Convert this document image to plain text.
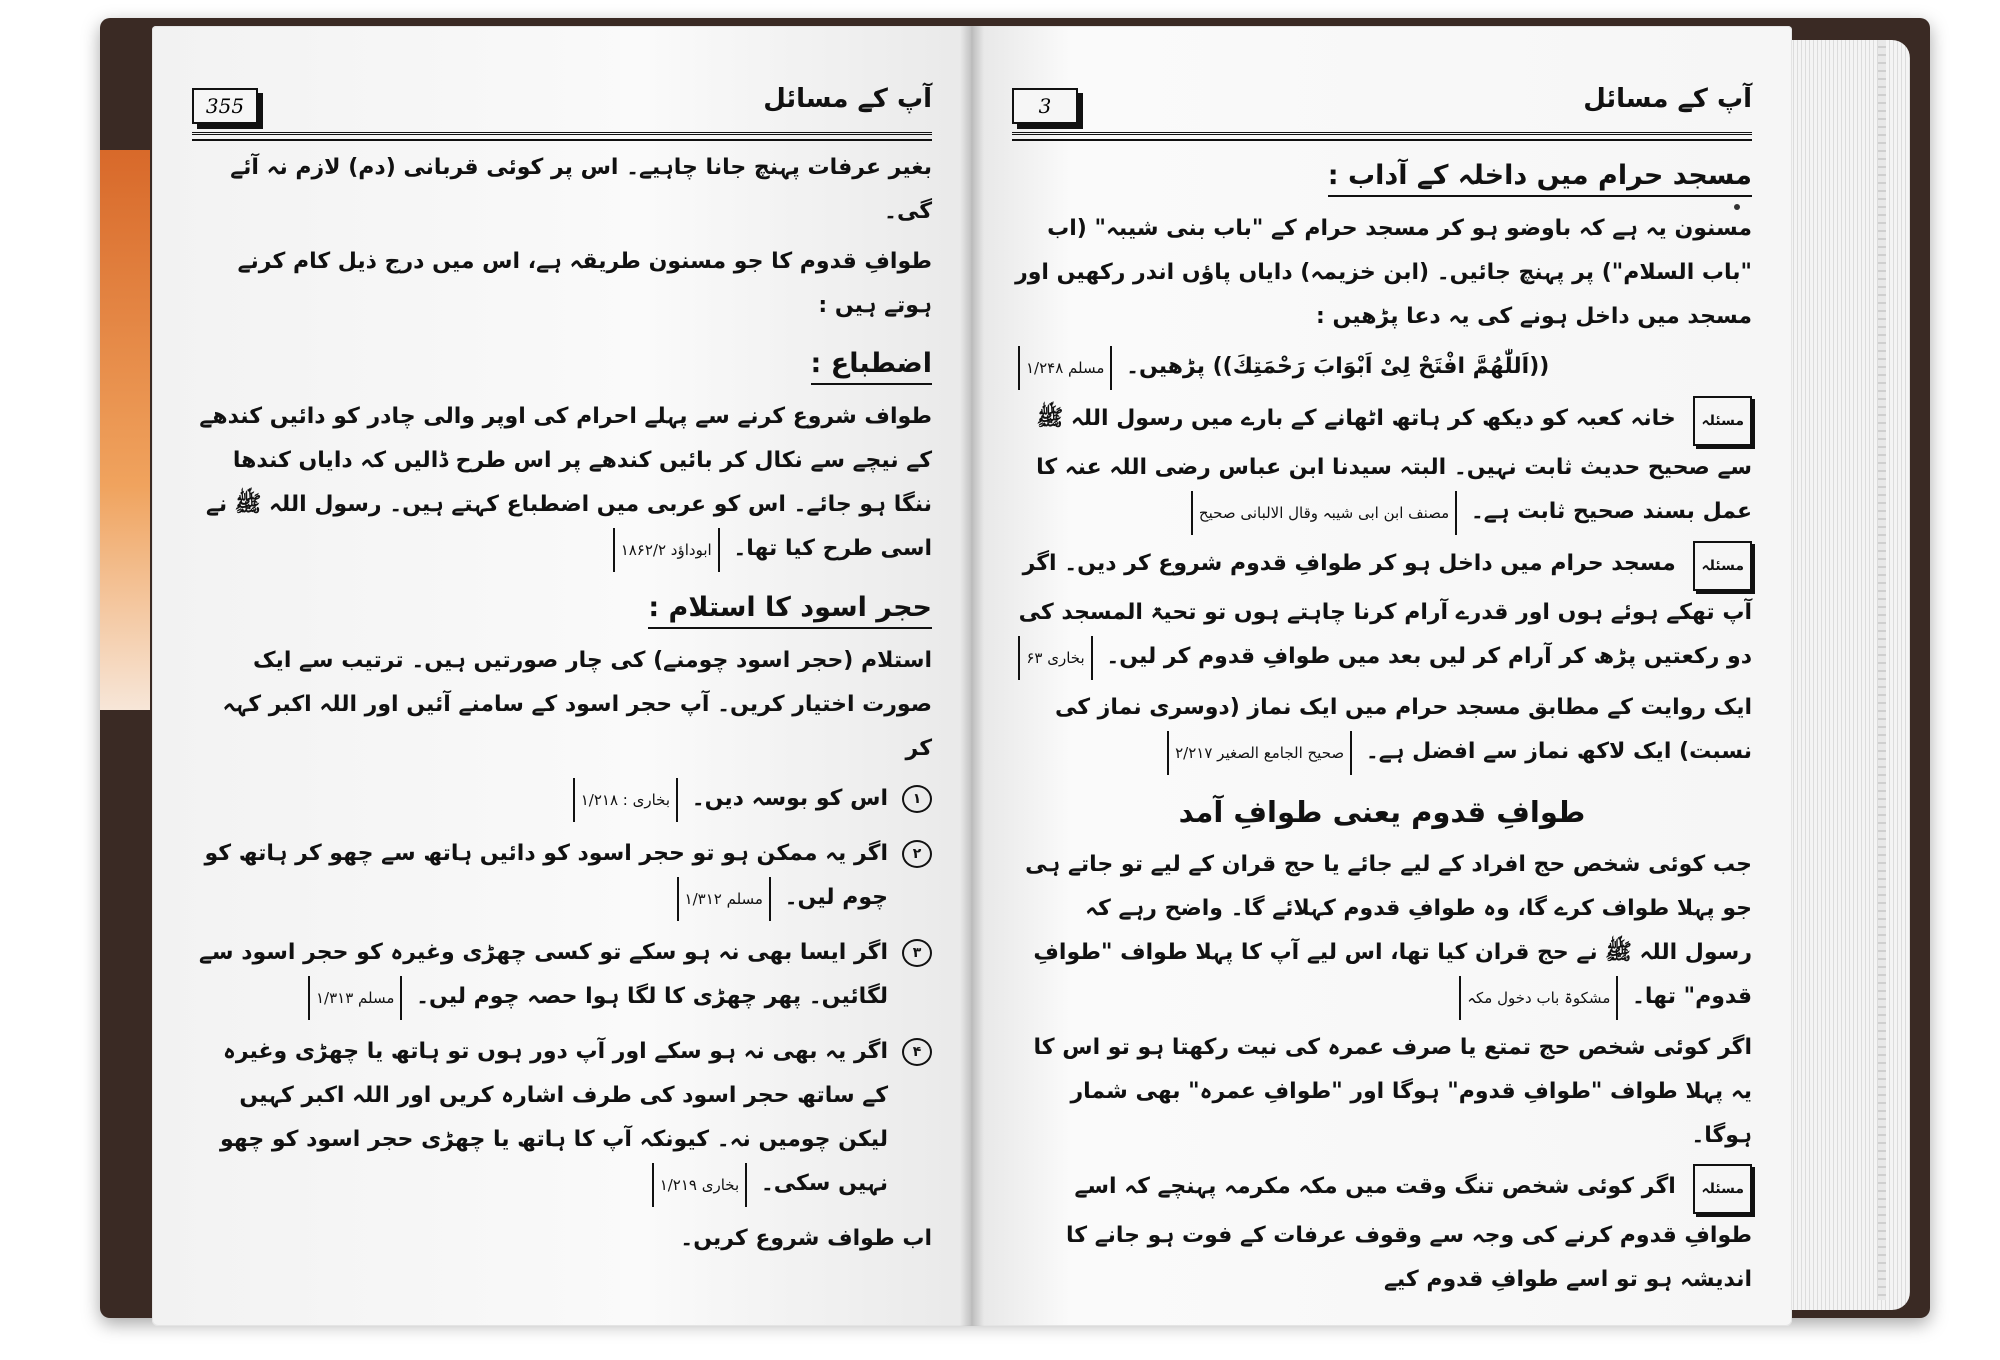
355	آپ کے مسائل

بغیر عرفات پہنچ جانا چاہیے۔ اس پر کوئی قربانی (دم) لازم نہ آئے گی۔

طوافِ قدوم کا جو مسنون طریقہ ہے، اس میں درج ذیل کام کرنے ہوتے ہیں :

اضطباع :

طواف شروع کرنے سے پہلے احرام کی اوپر والی چادر کو دائیں کندھے کے نیچے سے نکال کر بائیں کندھے پر اس طرح ڈالیں کہ دایاں کندھا ننگا ہو جائے۔ اس کو عربی میں اضطباع کہتے ہیں۔ رسول اللہ ﷺ نے اسی طرح کیا تھا۔ ابوداؤد ۱۸۶۲/۲

حجر اسود کا استلام :

استلام (حجر اسود چومنے) کی چار صورتیں ہیں۔ ترتیب سے ایک صورت اختیار کریں۔ آپ حجر اسود کے سامنے آئیں اور اللہ اکبر کہہ کر

۱
اس کو بوسہ دیں۔ بخاری : ۱/۲۱۸
۲
اگر یہ ممکن ہو تو حجر اسود کو دائیں ہاتھ سے چھو کر ہاتھ کو چوم لیں۔ مسلم ۱/۳۱۲
۳
اگر ایسا بھی نہ ہو سکے تو کسی چھڑی وغیرہ کو حجر اسود سے لگائیں۔ پھر چھڑی کا لگا ہوا حصہ چوم لیں۔ مسلم ۱/۳۱۳
۴
اگر یہ بھی نہ ہو سکے اور آپ دور ہوں تو ہاتھ یا چھڑی وغیرہ کے ساتھ حجر اسود کی طرف اشارہ کریں اور اللہ اکبر کہیں لیکن چومیں نہ۔ کیونکہ آپ کا ہاتھ یا چھڑی حجر اسود کو چھو نہیں سکی۔ بخاری ۱/۲۱۹

اب طواف شروع کریں۔

3	آپ کے مسائل
مسجد حرام میں داخلہ کے آداب :

مسنون یہ ہے کہ باوضو ہو کر مسجد حرام کے "باب بنی شیبہ" (اب "باب السلام") پر پہنچ جائیں۔ (ابن خزیمہ) دایاں پاؤں اندر رکھیں اور مسجد میں داخل ہونے کی یہ دعا پڑھیں :

((اَللّٰھُمَّ افْتَحْ لِیْ اَبْوَابَ رَحْمَتِكَ)) پڑھیں۔ مسلم ۱/۲۴۸

مسئلہ خانہ کعبہ کو دیکھ کر ہاتھ اٹھانے کے بارے میں رسول اللہ ﷺ سے صحیح حدیث ثابت نہیں۔ البتہ سیدنا ابن عباس رضی اللہ عنہ کا عمل بسند صحیح ثابت ہے۔ مصنف ابن ابی شیبہ وقال الالبانی صحیح

مسئلہ مسجد حرام میں داخل ہو کر طوافِ قدوم شروع کر دیں۔ اگر آپ تھکے ہوئے ہوں اور قدرے آرام کرنا چاہتے ہوں تو تحیۃ المسجد کی دو رکعتیں پڑھ کر آرام کر لیں بعد میں طوافِ قدوم کر لیں۔ بخاری ۶۳

ایک روایت کے مطابق مسجد حرام میں ایک نماز (دوسری نماز کی نسبت) ایک لاکھ نماز سے افضل ہے۔ صحیح الجامع الصغیر ۲/۲۱۷

طوافِ قدوم یعنی طوافِ آمد

جب کوئی شخص حج افراد کے لیے جائے یا حج قران کے لیے تو جاتے ہی جو پہلا طواف کرے گا، وہ طوافِ قدوم کہلائے گا۔ واضح رہے کہ رسول اللہ ﷺ نے حج قران کیا تھا، اس لیے آپ کا پہلا طواف "طوافِ قدوم" تھا۔ مشکوۃ باب دخول مکہ

اگر کوئی شخص حج تمتع یا صرف عمرہ کی نیت رکھتا ہو تو اس کا یہ پہلا طواف "طوافِ قدوم" ہوگا اور "طوافِ عمرہ" بھی شمار ہوگا۔

مسئلہ اگر کوئی شخص تنگ وقت میں مکہ مکرمہ پہنچے کہ اسے طوافِ قدوم کرنے کی وجہ سے وقوف عرفات کے فوت ہو جانے کا اندیشہ ہو تو اسے طوافِ قدوم کیے
